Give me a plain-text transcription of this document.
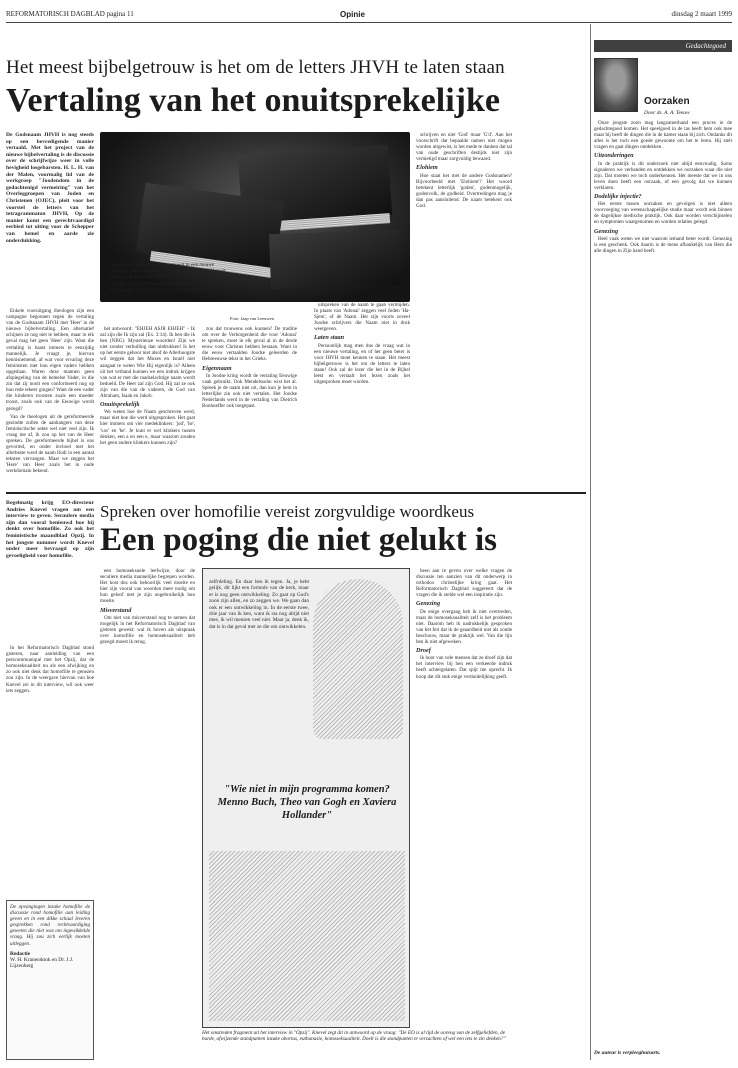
REFORMATORISCH DAGBLAD pagina 11	Opinie	dinsdag 2 maart 1999
Het meest bijbelgetrouw is het om de letters JHVH te laten staan
Vertaling van het onuitsprekelijke
De Godsnaam JHVH is nog steeds op een bevredigende manier vertaald. Met het project van de nieuwe bijbelvertaling is de discussie over de schrijfwijze weer in volle hevigheid losgebarsten. H. L. H. van der Malen, voormalig lid van de werkgroep "Joodendom in de gedachtenigd vermeiring" van het Overleggroepen van Joden en Christenen (OJEC), pleit voor het voorstel de letters van het tetragrammaton JHVH, Op de manier komt een gerechtvaardigd eerbied tot uiting voor de Schepper van hemel en aarde zie onderdukking.
"Jesaja stijl mijn stem de vraag wat in een nieuwe vertaling, om in de gevers te lezen hoe men JHVH moet lezen: is de Heer wat 'Here' de Here? Ook al weten we wat hoe we de allerhoogste Heilige lezen, de Naam wel afkondigen. Het 'Heer' Zijn Naam voor eeuwig'"
Foto: Jaap van Leeuwen

Enkele vooruitgang theologen zijn een campagne begonnen tegen de vertaling van de Godsnaam JHVH met 'Heer' in de nieuwe bijbelvertaling. Een alternatief schijnen ze nog niet te hebben, maar in elk geval mag het geen 'Heer' zijn. Want die vertaling is haast immers te eenzijdig mannelijk. Je vraagt je, hiervan kennisnemend, af wat voor ervaring deze feministen met hun eigen vaders hebben opgedaan. Waren deze mannen geen afspiegeling van de hemelse Vader, in die zin dat zij nooit een conformeerd nog op hun rede tekeer gingen? Want de een vader die kinderen troosten zoals een moeder troost, zoals ook van de Eeuwige wordt gezegd?

Van de theologen uit de gereformeerde gezindte zullen de aanhangers van deze feminisctische sekte wel niet veel zijn. Ik vraag me af, ik zou op het van de Heer spreken. De gereformeerde bijbel is ons gevormd, en onder invloed met het allerbeste werd de naam Ilodi in een aantal teksten vervangen. Maar we zeggen het 'Here' van Heer zoals het in oude werkdomain bekend.

het antwoord: "EHJEH ASJR EHJEH" - Ik zal zijn die Ik zijn zal (Ex. 3:14). Ik ben die ik ben (NBG). Mysterieuze woorden! Zijn we niet zonder verhulling dan uitdrukken! Is het op het eerste gehoor niet alsof de Allerhoogste wil zeggen dat het Mozes en Israël niet aangaat te weten Wie Hij eigenlijk is? Alleen uit het verband kunnen we een indruk krijgen van wat er met die raadselachtige naam wordt bedoeld. De Heer zal zijn God. Hij zal ze ook zijn van die van de vaderen, de God van Abraham, Isaak en Jakob.

Onuitsprekelijk

We weten hoe de Naam geschreven werd, maar niet hoe die werd uitgesproken. Het gaat hier immers om vier medeklinkers: 'jod', 'he', 'vav' en 'he'. Je kunt er wel klinkers tussen denken, een a en een e, maar waarom zouden het geen andere klinkers kunnen zijn?

zou dat trouwens ook kunnen? De traditie om over de Verborgenheid die voor 'Adonai' te spreken, moet in elk geval al in de derde eeuw voor Christus hebben bestaan. Want in die eeuw vertaalden Joodse geleerden de Hebreeuwse tekst in het Grieks.

Eigennaam

In Joodse kring wordt de vertaling Eeuwige vaak gebruikt. Ook Mendelssohn wist het al. Spreek je de naam niet uit, dan kun je hem in letterlijke zin ook niet vertalen. Het Joodse Nederlands werd in de vertaling van Dietrich Bonhoeffer ook toegepast.

uitspreken van de naam te gaan vermijden. In plaats van 'Adonai' zeggen veel Joden 'Ha-Sjem', of de Naam. Het zijn voorts zoveel Joodse schrijvers die Naam niet in druk weergeven.

Laten staan

Persoonlijk mag men dus de vraag wat in een nieuwe vertaling, en of het geen beter is voor JHVH moet kennen te staan. Het meest bijbelgetrouw is het om de letters te laten staan! Ook zal de lezer die het in de Bijbel leest en vertaalt het lezen zoals het uitgesproken moet worden.

schrijven en niet 'God' maar 'G'd'. Aan het voorschrift dat bepaalde namen niet mogen worden uitgewist, is het mede te danken dat tal van oude geschriften destijds niet zijn vernietigd maar zorgvuldig bewaard.

Elohiem

Hoe staat het met de andere Godsnamen? Bijvoorbeeld met 'Elohiem'? Het woord betekent letterlijk 'goden', godenmogelijk, godenvolk, de godheid. Overtredingen mag je dan pas aansluitend. De naam betekent ook God.

Gedachtegoed
Oorzaken
Door ds. A. A. Teeuw

Onze jongste zoon mag langzamerhand een proces in de gedachtegoed komen. Het speelgoed in de tas heeft hem ook mee maar hij heeft de dingen die in de kamer staan bij zich. Ondanks dit alles is het toch een goede gewoonte om het te leren. Hij stelt vragen en gaat dingen ontdekken.

Uitzonderingen

In de praktijk is dit onderzoek niet altijd eenvoudig. Soms signaleren we verbanden en ontdekken we oorzaken waar die niet zijn. Dat moeten we toch onderkennen. Het meeste dat we in ons leven doen heeft een oorzaak, of een gevolg dat we kunnen verklaren.

Dodelijke injectie?

Het eerste tussen oorzaken en gevolgen is niet alleen voorvoeging van wetenschappelijke studie maar wordt ook binnen de dagelijkse medische praktijk. Ook daar worden verschijnselen en symptomen waargenomen en worden relaties gelegd.

Genezing

Heel vaak weten we niet waarom iemand beter wordt. Genezing is een geschenk. Ook daarin is de mens afhankelijk van Hem die alle dingen in Zijn hand heeft.

De auteur is verpleeghuisarts.
Regelmatig krijg EO-directeur Andries Knevel vragen om een interview te geven. Secuulere media zijn dan vooral benieuwd hoe hij denkt over homofilie. Zo ook het feministische maandblad Opzij. In het jongste nummer wordt Knevel onder meer bevraagd op zijn gevoeligheid voor homofilie.
Spreken over homofilie vereist zorgvuldige woordkeus
Een poging die niet gelukt is

In het Reformatorisch Dagblad stond gisteren, naar aanleiding van een perscommuniqué met het Opzij, dat de homoseksualiteit nu als een afwijking en zo ook niet denk dat homofilie te genezen zou zijn. In de weergave hiervan van hoe Knevel zei in dit interview, wil ook weer iets zeggen.

een homoseksuele leefwijze, door de seculiere media mannelijke begrepen worden. Het kost dus ook behoorlijk veel moeite en hier zijn vooral van woorden meer nodig om hun geloof met je zijn ongebruikelijk hun moeite.

Misverstand

Om niet van misverstand nog te nemen dat mogelijk in het Reformatorisch Dagblad van gisteren gewekt: wat ik boven als uitspraak over homofilie en homoseksualiteit heb gezegd moest ik terug.

zelfrdeling. En daar ben ik tegen. Ja, je hebt gelijk, dit lijkt een formule van de kerk, maar er is nog geen ontwikkeling. Zo gaat op God's zoon zijn allen, en zo zeggen we. We gaan dan ook er een ontwikkeling in. In de eerste twee, drie jaar van ik ken, want ik sta nog altijd niet mee, ik wil mensen veel niet. Maar ja, denk ik, dat is in dat geval met ze die om ontwikkelen.
"Wie niet in mijn programma komen? Menno Buch, Theo van Gogh en Xaviera Hollander"

heen aan te geven over welke vragen de discussie ten aanzien van dit onderwerp in orthodox christelijke kring gaat. Het Reformatorisch Dagblad suggereert dat de vragen die ik stelde wel een inspiratie zijn.

Genezing

De enige overgang heb ik niet overtreden, maar de homoseksualiteit zelf is het probleem niet. Daarom heb ik nadrukkelijk gesproken van het feit dat ik de geaardheid niet als zonde beschouw, maar de praktijk wel. Van die lijn ben ik niet afgeweken.

Droef

Ik hoor van vele mensen dat ze droef zijn dat het interview bij hen een verkeerde indruk heeft achtergelaten. Dat spijt me oprecht. Ik hoop dat dit stuk enige verduidelijking geeft.

Het omstreden fragment uit het interview in "Opzij". Knevel zegt dit in antwoord op de vraag: "De EO is al tijd de ooreog van de zelfgeliefden, de harde, afwijzende standpunten inzake abortus, euthanasie, homoseksualiteit. Doelt is die standpunten te verzachten of wel een iets te zin denken?"
De opvangingen inzake homofilie de discussie rond homofilie aan leiding geven en in een dikke schaal leveren gesprekken rond rechtvaardiging geweten die niet was om ingewikkelde vraag. Hij zou zich eerlijk moeten uitleggen.
Redactie
W. H. Kranendonk en Dr. J.J. Lijzenberg
